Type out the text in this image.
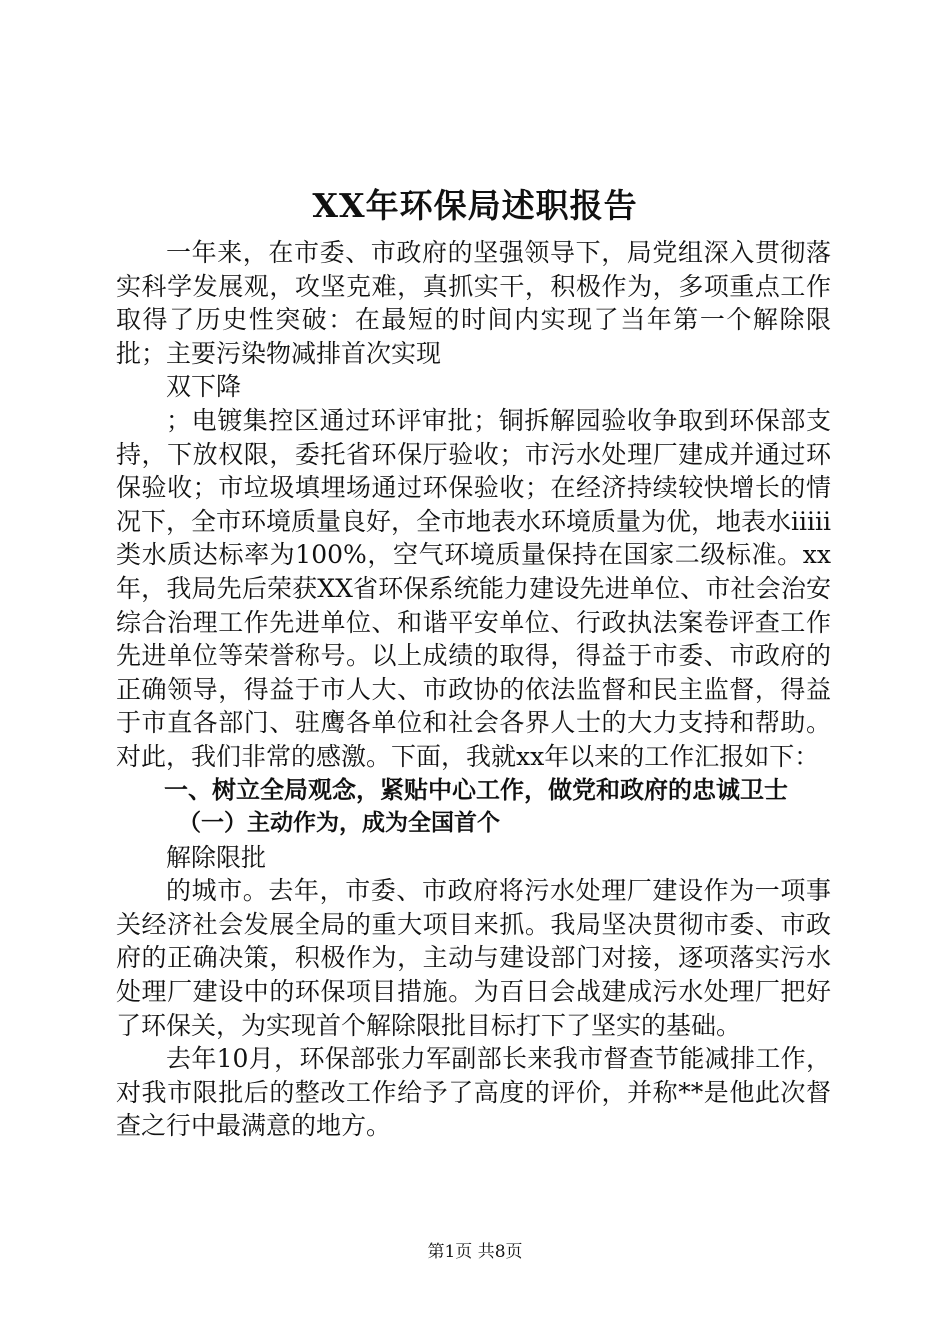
XX年环保局述职报告

一年来，在市委、市政府的坚强领导下，局党组深入贯彻落实科学发展观，攻坚克难，真抓实干，积极作为，多项重点工作取得了历史性突破：在最短的时间内实现了当年第一个解除限批；主要污染物减排首次实现

双下降

；电镀集控区通过环评审批；铜拆解园验收争取到环保部支持，下放权限，委托省环保厅验收；市污水处理厂建成并通过环保验收；市垃圾填埋场通过环保验收；在经济持续较快增长的情况下，全市环境质量良好，全市地表水环境质量为优，地表水iiiii类水质达标率为100%，空气环境质量保持在国家二级标准。xx年，我局先后荣获XX省环保系统能力建设先进单位、市社会治安综合治理工作先进单位、和谐平安单位、行政执法案卷评查工作先进单位等荣誉称号。以上成绩的取得，得益于市委、市政府的正确领导，得益于市人大、市政协的依法监督和民主监督，得益于市直各部门、驻鹰各单位和社会各界人士的大力支持和帮助。对此，我们非常的感激。下面，我就xx年以来的工作汇报如下：

一、树立全局观念，紧贴中心工作，做党和政府的忠诚卫士

（一）主动作为，成为全国首个

解除限批

的城市。去年，市委、市政府将污水处理厂建设作为一项事关经济社会发展全局的重大项目来抓。我局坚决贯彻市委、市政府的正确决策，积极作为，主动与建设部门对接，逐项落实污水处理厂建设中的环保项目措施。为百日会战建成污水处理厂把好了环保关，为实现首个解除限批目标打下了坚实的基础。

去年10月，环保部张力军副部长来我市督查节能减排工作，对我市限批后的整改工作给予了高度的评价，并称**是他此次督查之行中最满意的地方。

第1页 共8页
